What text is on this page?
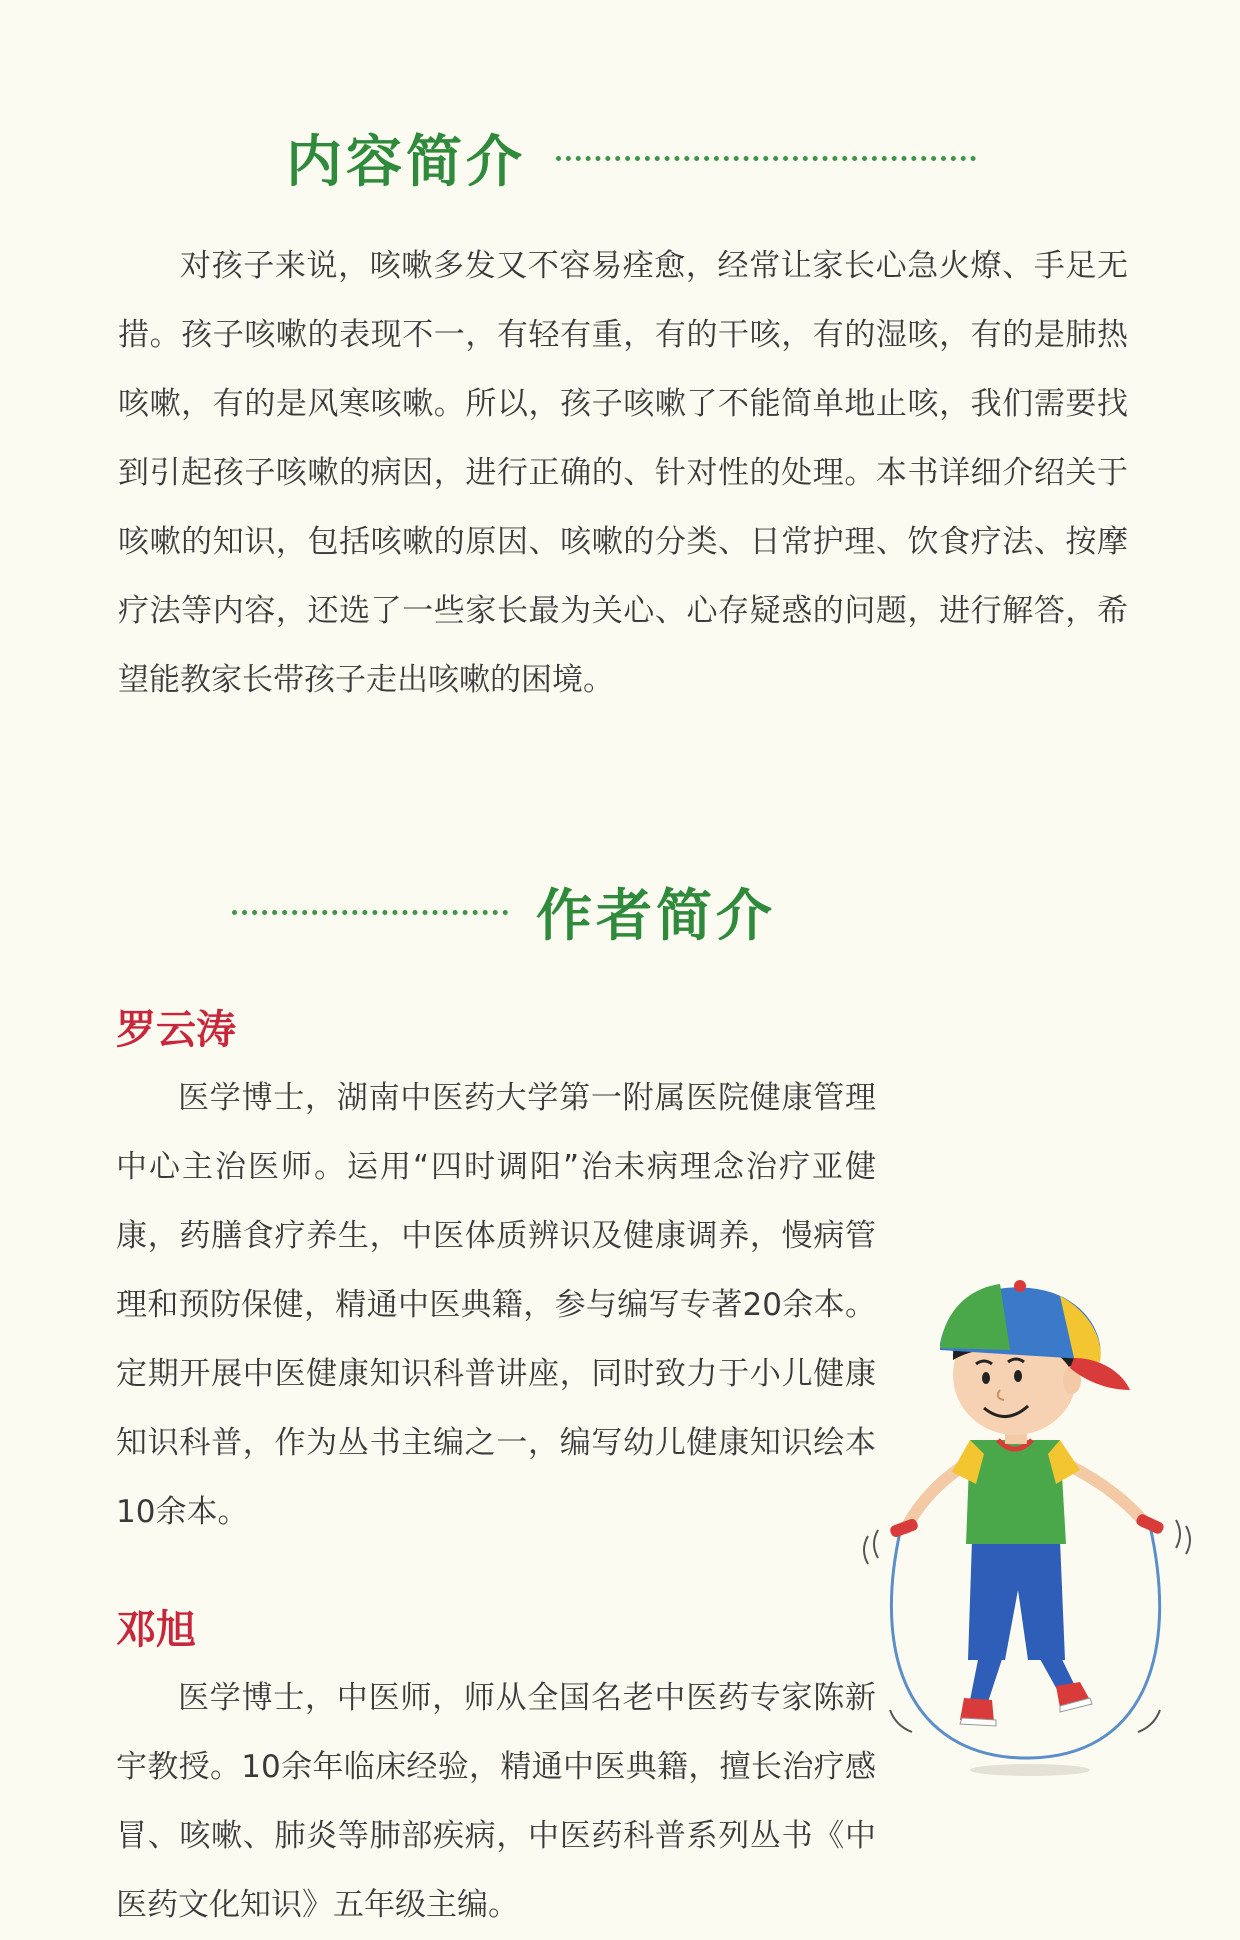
内容简介

对孩子来说，咳嗽多发又不容易痊愈，经常让家长心急火燎、手足无措。孩子咳嗽的表现不一，有轻有重，有的干咳，有的湿咳，有的是肺热咳嗽，有的是风寒咳嗽。所以，孩子咳嗽了不能简单地止咳，我们需要找到引起孩子咳嗽的病因，进行正确的、针对性的处理。本书详细介绍关于咳嗽的知识，包括咳嗽的原因、咳嗽的分类、日常护理、饮食疗法、按摩疗法等内容，还选了一些家长最为关心、心存疑惑的问题，进行解答，希望能教家长带孩子走出咳嗽的困境。

作者简介
罗云涛

医学博士，湖南中医药大学第一附属医院健康管理中心主治医师。运用“四时调阳”治未病理念治疗亚健康，药膳食疗养生，中医体质辨识及健康调养，慢病管理和预防保健，精通中医典籍，参与编写专著20余本。定期开展中医健康知识科普讲座，同时致力于小儿健康知识科普，作为丛书主编之一，编写幼儿健康知识绘本10余本。

邓旭

医学博士，中医师，师从全国名老中医药专家陈新宇教授。10余年临床经验，精通中医典籍，擅长治疗感冒、咳嗽、肺炎等肺部疾病，中医药科普系列丛书《中医药文化知识》五年级主编。
